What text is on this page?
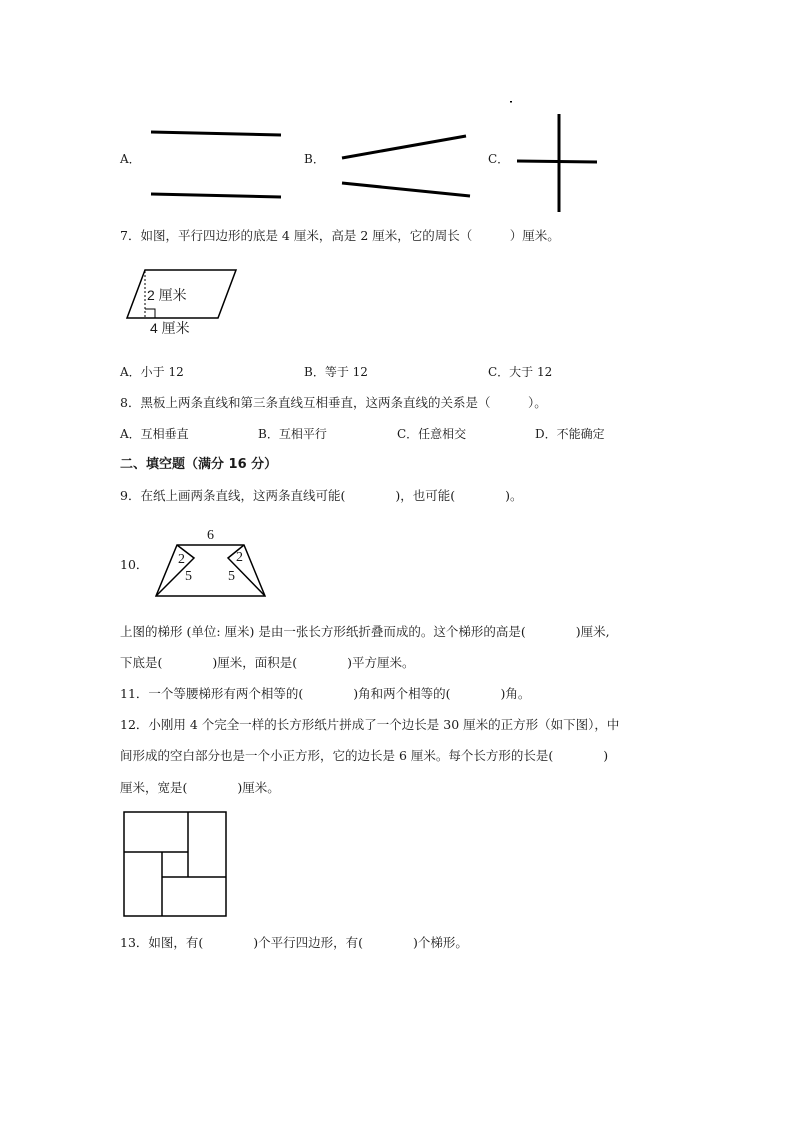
A．	B．	C．
7．如图，平行四边形的底是 4 厘米，高是 2 厘米，它的周长（　　　）厘米。
2 厘米
4 厘米
A．小于 12	B．等于 12	C．大于 12
8．黑板上两条直线和第三条直线互相垂直，这两条直线的关系是（　　　）。
A．互相垂直	B．互相平行	C．任意相交	D．不能确定
二、填空题（满分 16 分）
9．在纸上画两条直线，这两条直线可能(　　　　)，也可能(　　　　)。
10．
6
2
5
2
5
上图的梯形 (单位: 厘米) 是由一张长方形纸折叠而成的。这个梯形的高是(　　　　)厘米,
下底是(　　　　)厘米，面积是(　　　　)平方厘米。
11．一个等腰梯形有两个相等的(　　　　)角和两个相等的(　　　　)角。
12．小刚用 4 个完全一样的长方形纸片拼成了一个边长是 30 厘米的正方形（如下图），中
间形成的空白部分也是一个小正方形，它的边长是 6 厘米。每个长方形的长是(　　　　)
厘米，宽是(　　　　)厘米。
13．如图，有(　　　　)个平行四边形，有(　　　　)个梯形。
